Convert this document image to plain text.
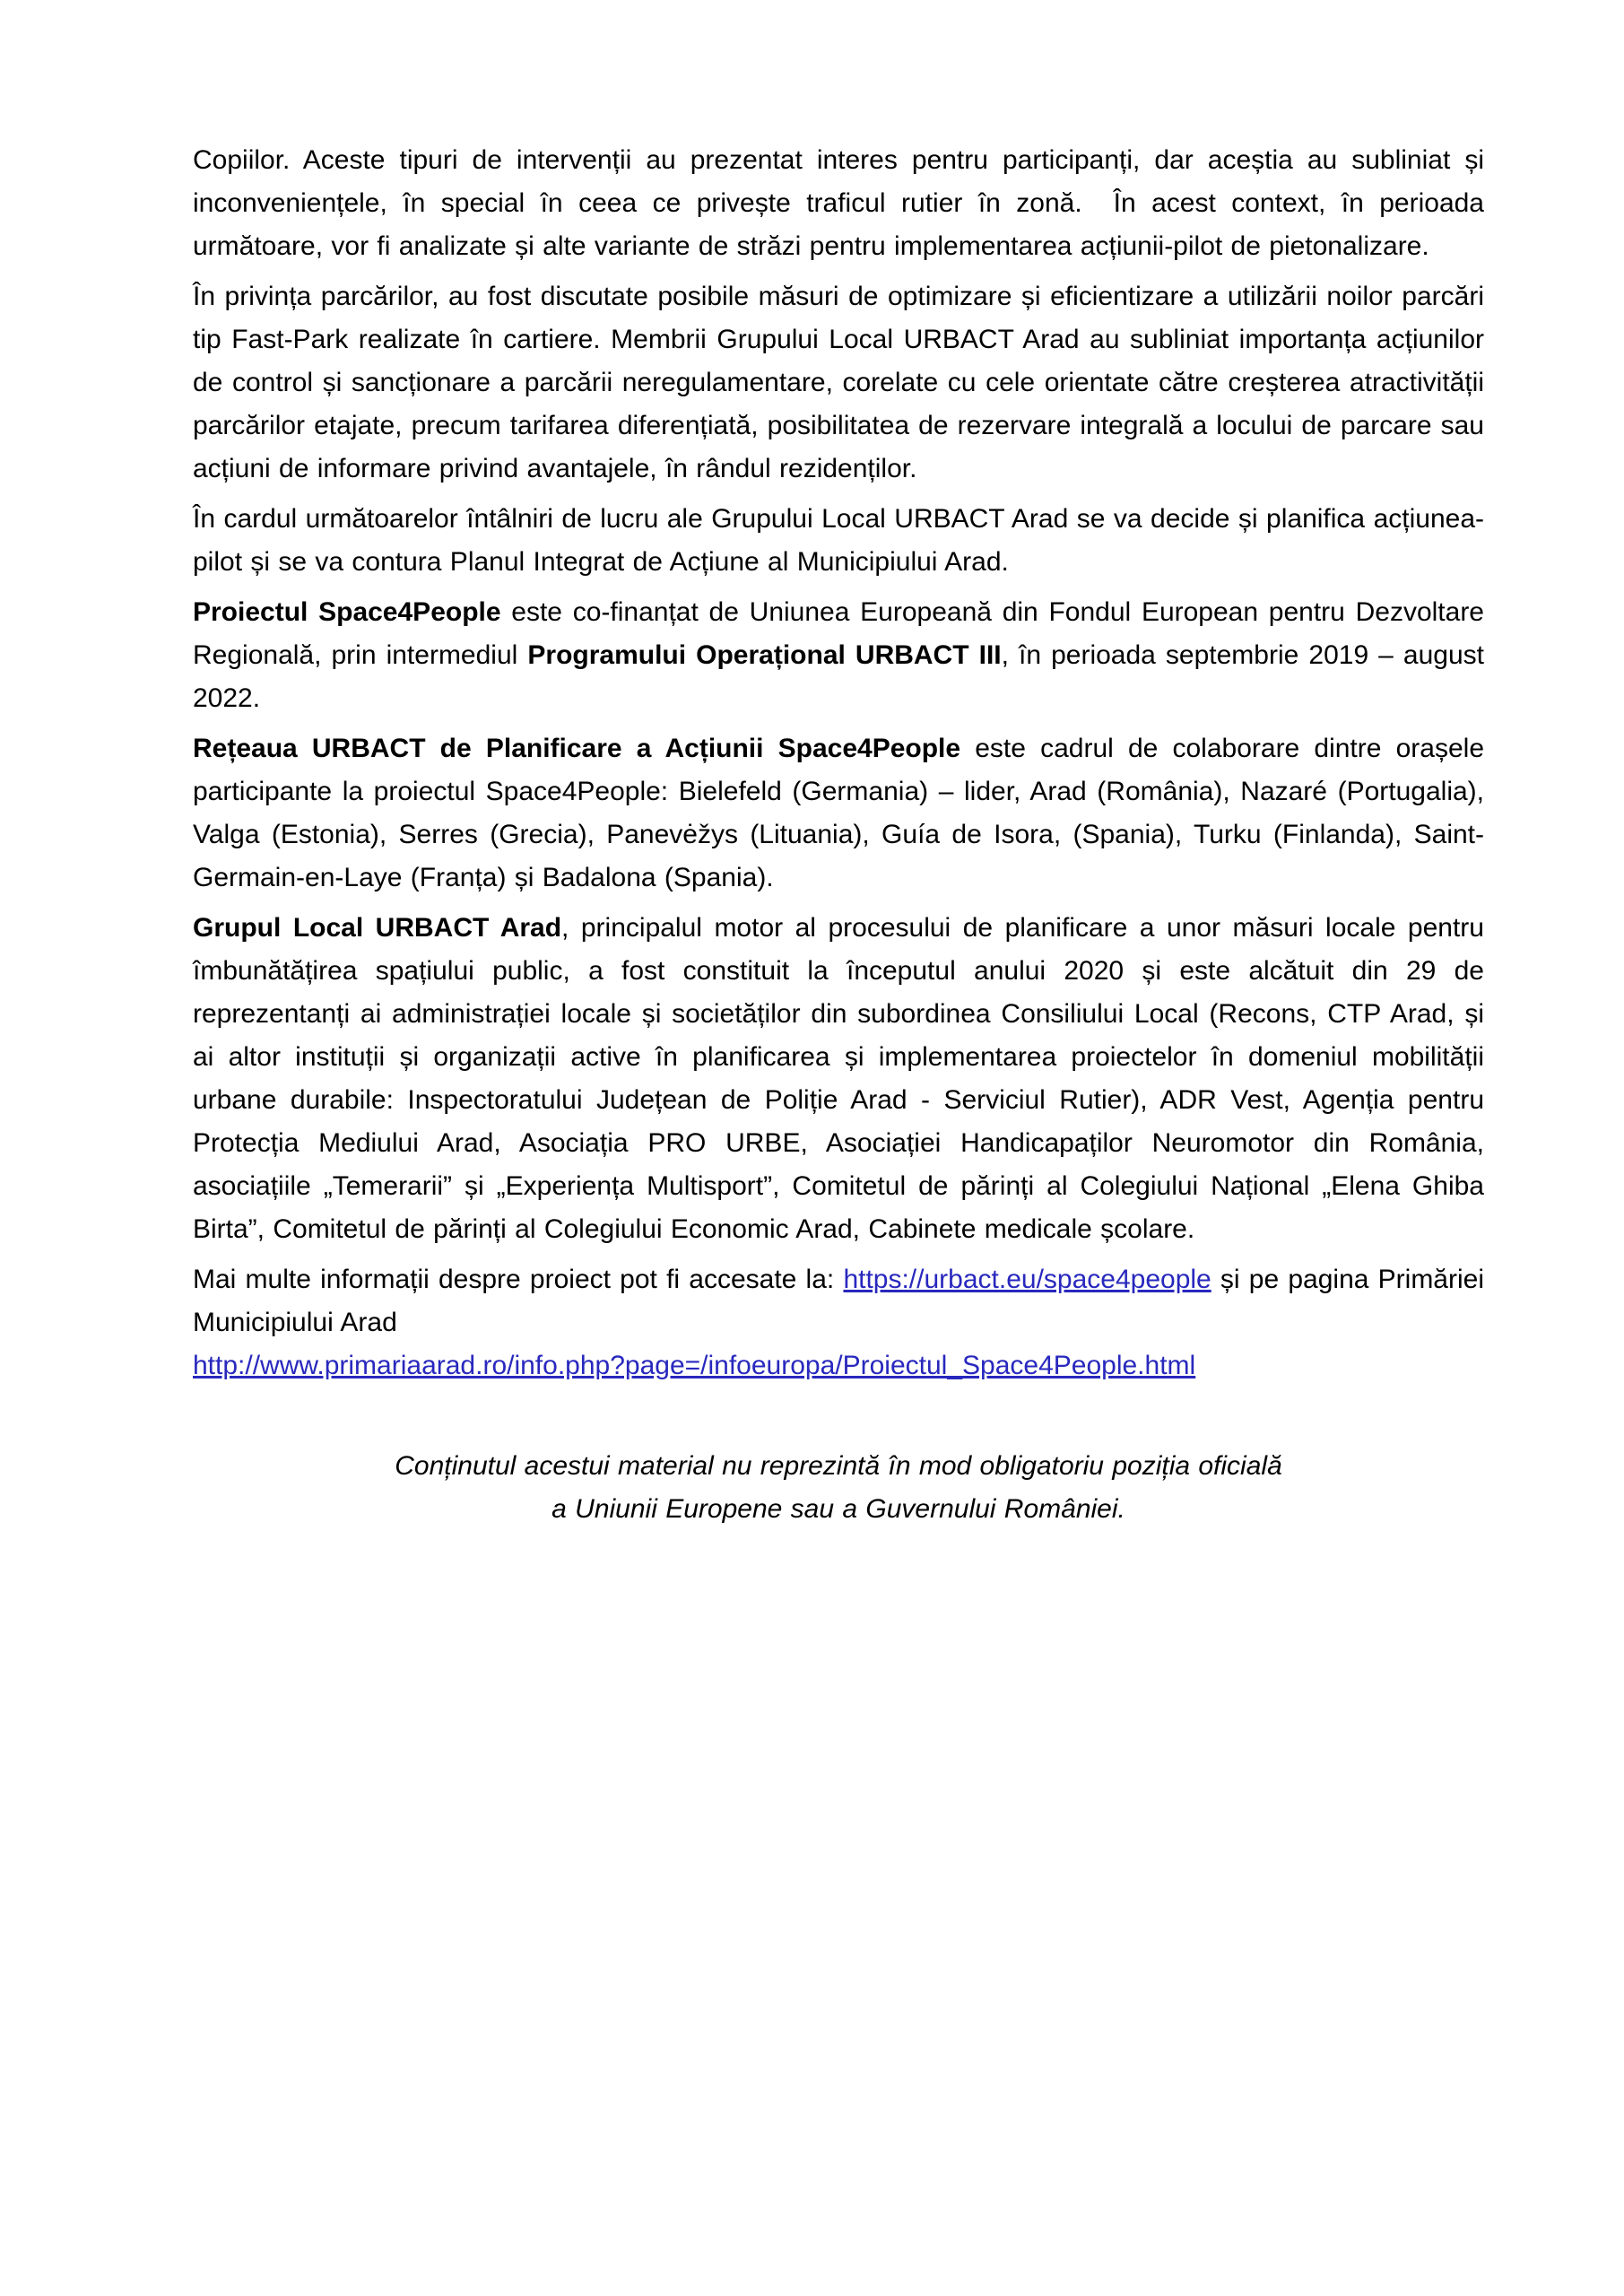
Copiilor. Aceste tipuri de intervenții au prezentat interes pentru participanți, dar aceștia au subliniat și inconveniențele, în special în ceea ce privește traficul rutier în zonă.  În acest context, în perioada următoare, vor fi analizate și alte variante de străzi pentru implementarea acțiunii-pilot de pietonalizare.

În privința parcărilor, au fost discutate posibile măsuri de optimizare și eficientizare a utilizării noilor parcări tip Fast-Park realizate în cartiere. Membrii Grupului Local URBACT Arad au subliniat importanța acțiunilor de control și sancționare a parcării neregulamentare, corelate cu cele orientate către creșterea atractivității parcărilor etajate, precum tarifarea diferențiată, posibilitatea de rezervare integrală a locului de parcare sau acțiuni de informare privind avantajele, în rândul rezidenților.

În cardul următoarelor întâlniri de lucru ale Grupului Local URBACT Arad se va decide și planifica acțiunea-pilot și se va contura Planul Integrat de Acțiune al Municipiului Arad.

Proiectul Space4People este co-finanțat de Uniunea Europeană din Fondul European pentru Dezvoltare Regională, prin intermediul Programului Operațional URBACT III, în perioada septembrie 2019 – august 2022.

Rețeaua URBACT de Planificare a Acțiunii Space4People este cadrul de colaborare dintre orașele participante la proiectul Space4People: Bielefeld (Germania) – lider, Arad (România), Nazaré (Portugalia), Valga (Estonia), Serres (Grecia), Panevėžys (Lituania), Guía de Isora, (Spania), Turku (Finlanda), Saint-Germain-en-Laye (Franța) și Badalona (Spania).

Grupul Local URBACT Arad, principalul motor al procesului de planificare a unor măsuri locale pentru îmbunătățirea spațiului public, a fost constituit la începutul anului 2020 și este alcătuit din 29 de reprezentanți ai administrației locale și societăților din subordinea Consiliului Local (Recons, CTP Arad, și ai altor instituții și organizații active în planificarea și implementarea proiectelor în domeniul mobilității urbane durabile: Inspectoratului Județean de Poliție Arad - Serviciul Rutier), ADR Vest, Agenția pentru Protecția Mediului Arad, Asociația PRO URBE, Asociației Handicapaților Neuromotor din România, asociațiile „Temerarii” și „Experiența Multisport”, Comitetul de părinți al Colegiului Național „Elena Ghiba Birta”, Comitetul de părinți al Colegiului Economic Arad, Cabinete medicale școlare.

Mai multe informații despre proiect pot fi accesate la: https://urbact.eu/space4people și pe pagina Primăriei Municipiului Arad
http://www.primariaarad.ro/info.php?page=/infoeuropa/Proiectul_Space4People.html

Conținutul acestui material nu reprezintă în mod obligatoriu poziția oficială
a Uniunii Europene sau a Guvernului României.
